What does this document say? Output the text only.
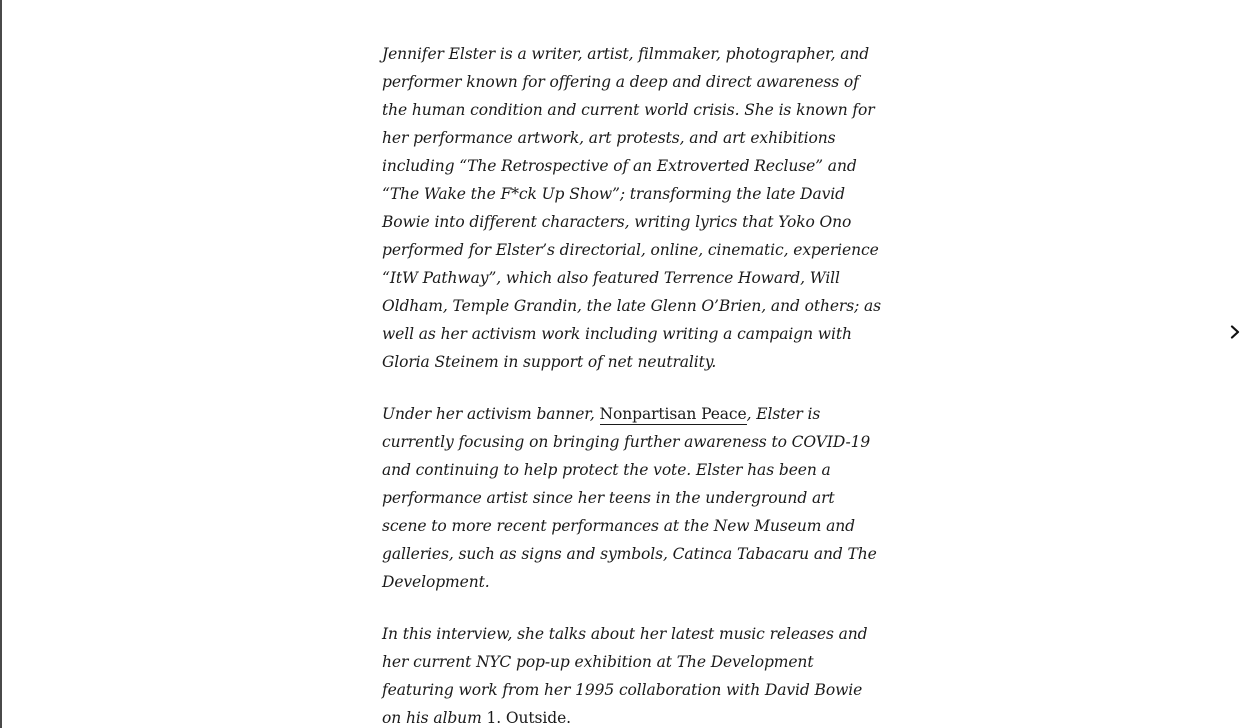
Jennifer Elster is a writer, artist, filmmaker, photographer, and performer known for offering a deep and direct awareness of the human condition and current world crisis. She is known for her performance artwork, art protests, and art exhibitions including “The Retrospective of an Extroverted Recluse” and “The Wake the F*ck Up Show”; transforming the late David Bowie into different characters, writing lyrics that Yoko Ono performed for Elster’s directorial, online, cinematic, experience “ItW Pathway”, which also featured Terrence Howard, Will Oldham, Temple Grandin, the late Glenn O’Brien, and others; as well as her activism work including writing a campaign with Gloria Steinem in support of net neutrality.

Under her activism banner, Nonpartisan Peace, Elster is currently focusing on bringing further awareness to COVID-19 and continuing to help protect the vote. Elster has been a performance artist since her teens in the underground art scene to more recent performances at the New Museum and galleries, such as signs and symbols, Catinca Tabacaru and The Development.

In this interview, she talks about her latest music releases and her current NYC pop-up exhibition at The Development featuring work from her 1995 collaboration with David Bowie on his album 1. Outside.
